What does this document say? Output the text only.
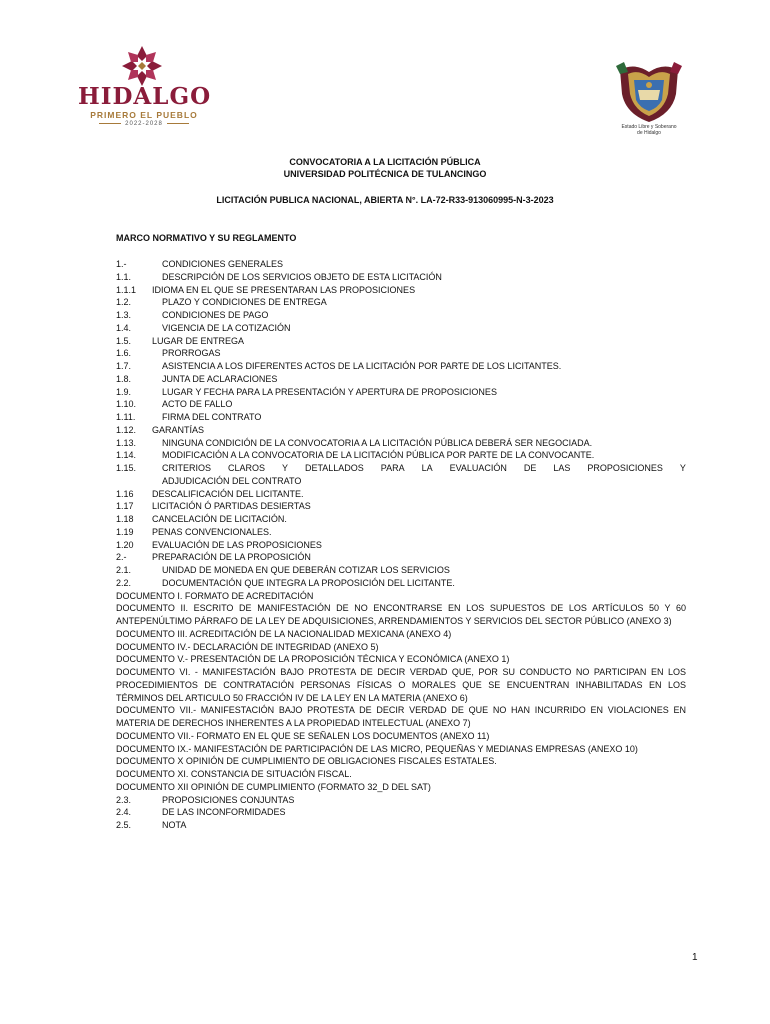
HIDALGO
PRIMERO EL PUEBLO
2022-2028	Estado Libre y Soberano
de Hidalgo
CONVOCATORIA A LA LICITACIÓN PÚBLICA
UNIVERSIDAD POLITÉCNICA DE TULANCINGO
LICITACIÓN PUBLICA NACIONAL, ABIERTA N°. LA-72-R33-913060995-N-3-2023
MARCO NORMATIVO Y SU REGLAMENTO
1.-	CONDICIONES GENERALES
1.1.	DESCRIPCIÓN DE LOS SERVICIOS OBJETO DE ESTA LICITACIÓN
1.1.1	IDIOMA EN EL QUE SE PRESENTARAN LAS PROPOSICIONES
1.2.	PLAZO Y CONDICIONES DE ENTREGA
1.3.	CONDICIONES DE PAGO
1.4.	VIGENCIA DE LA COTIZACIÓN
1.5.	LUGAR DE ENTREGA
1.6.	PRORROGAS
1.7.	ASISTENCIA A LOS DIFERENTES ACTOS DE LA LICITACIÓN POR PARTE DE LOS LICITANTES.
1.8.	JUNTA DE ACLARACIONES
1.9.	LUGAR Y FECHA PARA LA PRESENTACIÓN Y APERTURA DE PROPOSICIONES
1.10.	ACTO DE FALLO
1.11.	FIRMA DEL CONTRATO
1.12.	GARANTÍAS
1.13.	NINGUNA CONDICIÓN DE LA CONVOCATORIA A LA LICITACIÓN PÚBLICA DEBERÁ SER NEGOCIADA.
1.14.	MODIFICACIÓN A LA CONVOCATORIA DE LA LICITACIÓN PÚBLICA POR PARTE DE LA CONVOCANTE.
1.15.	CRITERIOS CLAROS Y DETALLADOS PARA LA EVALUACIÓN DE LAS PROPOSICIONES Y
ADJUDICACIÓN DEL CONTRATO
1.16	DESCALIFICACIÓN DEL LICITANTE.
1.17	LICITACIÓN Ó PARTIDAS DESIERTAS
1.18	CANCELACIÓN DE LICITACIÓN.
1.19	PENAS CONVENCIONALES.
1.20	EVALUACIÓN DE LAS PROPOSICIONES
2.-	PREPARACIÓN DE LA PROPOSICIÓN
2.1.	UNIDAD DE MONEDA EN QUE DEBERÁN COTIZAR LOS SERVICIOS
2.2.	DOCUMENTACIÓN QUE INTEGRA LA PROPOSICIÓN DEL LICITANTE.
DOCUMENTO I. FORMATO DE ACREDITACIÓN
DOCUMENTO II. ESCRITO DE MANIFESTACIÓN DE NO ENCONTRARSE EN LOS SUPUESTOS DE LOS ARTÍCULOS 50 Y 60 ANTEPENÚLTIMO PÁRRAFO DE LA LEY DE ADQUISICIONES, ARRENDAMIENTOS Y SERVICIOS DEL SECTOR PÚBLICO (ANEXO 3)
DOCUMENTO III. ACREDITACIÓN DE LA NACIONALIDAD MEXICANA (ANEXO 4)
DOCUMENTO IV.- DECLARACIÓN DE INTEGRIDAD (ANEXO 5)
DOCUMENTO V.- PRESENTACIÓN DE LA PROPOSICIÓN TÉCNICA Y ECONÓMICA (ANEXO 1)
DOCUMENTO VI. - MANIFESTACIÓN BAJO PROTESTA DE DECIR VERDAD QUE, POR SU CONDUCTO NO PARTICIPAN EN LOS PROCEDIMIENTOS DE CONTRATACIÓN PERSONAS FÍSICAS O MORALES QUE SE ENCUENTRAN INHABILITADAS EN LOS TÉRMINOS DEL ARTICULO 50 FRACCIÓN IV DE LA LEY EN LA MATERIA (ANEXO 6)
DOCUMENTO VII.- MANIFESTACIÓN BAJO PROTESTA DE DECIR VERDAD DE QUE NO HAN INCURRIDO EN VIOLACIONES EN MATERIA DE DERECHOS INHERENTES A LA PROPIEDAD INTELECTUAL (ANEXO 7)
DOCUMENTO VII.- FORMATO EN EL QUE SE SEÑALEN LOS DOCUMENTOS (ANEXO 11)
DOCUMENTO IX.- MANIFESTACIÓN DE PARTICIPACIÓN DE LAS MICRO, PEQUEÑAS Y MEDIANAS EMPRESAS (ANEXO 10)
DOCUMENTO X OPINIÓN DE CUMPLIMIENTO DE OBLIGACIONES FISCALES ESTATALES.
DOCUMENTO XI. CONSTANCIA DE SITUACIÓN FISCAL.
DOCUMENTO XII OPINIÓN DE CUMPLIMIENTO (FORMATO 32_D DEL SAT)
2.3.	PROPOSICIONES CONJUNTAS
2.4.	DE LAS INCONFORMIDADES
2.5.	NOTA
1
